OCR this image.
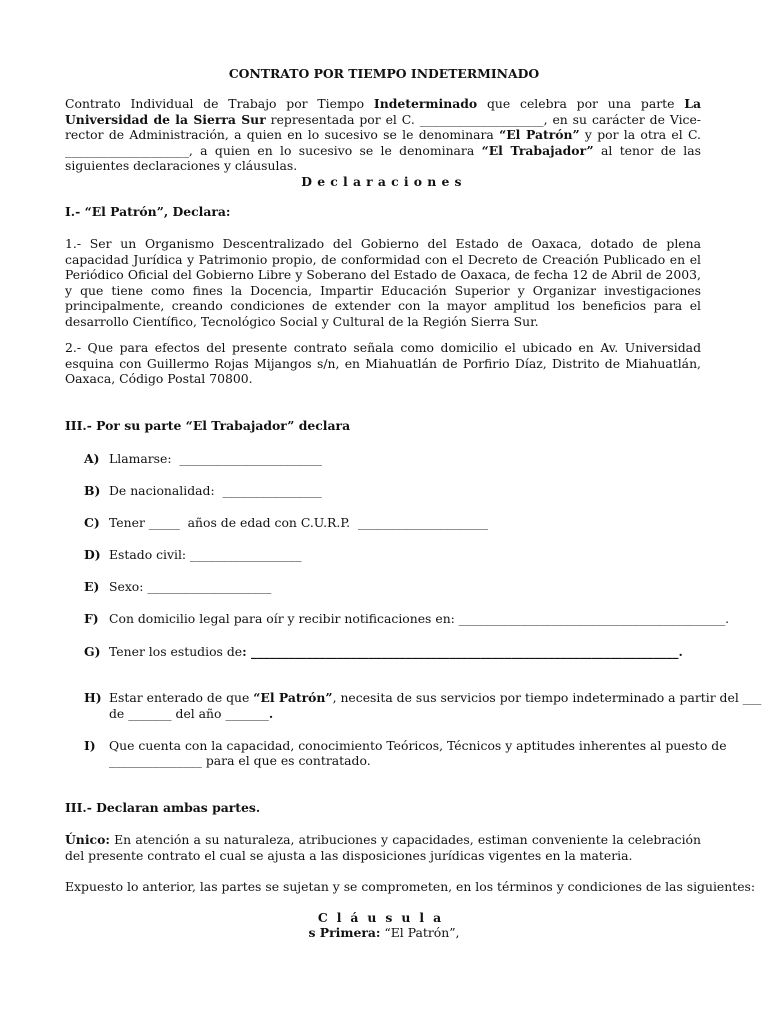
CONTRATO POR TIEMPO INDETERMINADO
Contrato Individual de Trabajo por Tiempo Indeterminado que celebra por una parte La Universidad de la Sierra Sur representada por el C. ____________________, en su carácter de Vice-rector de Administración, a quien en lo sucesivo se le denominara “El Patrón” y por la otra el C. ____________________, a quien en lo sucesivo se le denominara “El Trabajador” al tenor de las siguientes declaraciones y cláusulas.
Declaraciones
I.- “El Patrón”, Declara:
1.- Ser un Organismo Descentralizado del Gobierno del Estado de Oaxaca, dotado de plena capacidad Jurídica y Patrimonio propio, de conformidad con el Decreto de Creación Publicado en el Periódico Oficial del Gobierno Libre y Soberano del Estado de Oaxaca, de fecha 12 de Abril de 2003, y que tiene como fines la Docencia, Impartir Educación Superior y Organizar investigaciones principalmente, creando condiciones de extender con la mayor amplitud los beneficios para el desarrollo Científico, Tecnológico Social y Cultural de la Región Sierra Sur.
2.- Que para efectos del presente contrato señala como domicilio el ubicado en Av. Universidad esquina con Guillermo Rojas Mijangos s/n, en Miahuatlán de Porfirio Díaz, Distrito de Miahuatlán, Oaxaca, Código Postal 70800.
III.- Por su parte “El Trabajador” declara
A) Llamarse:  _______________________
B) De nacionalidad:  ________________
C) Tener _____  años de edad con C.U.R.P.  _____________________
D) Estado civil: __________________
E) Sexo: ____________________
F) Con domicilio legal para oír y recibir notificaciones en: ___________________________________________.
G) Tener los estudios de: _____________________________________________________________________.
H) Estar enterado de que “El Patrón”, necesita de sus servicios por tiempo indeterminado a partir del ___
de _______ del año _______.
I) Que cuenta con la capacidad, conocimiento Teóricos, Técnicos y aptitudes inherentes al puesto de
_______________ para el que es contratado.
III.- Declaran ambas partes.
Único: En atención a su naturaleza, atribuciones y capacidades, estiman conveniente la celebración del presente contrato el cual se ajusta a las disposiciones jurídicas vigentes en la materia.
Expuesto lo anterior, las partes se sujetan y se comprometen, en los términos y condiciones de las siguientes:
Cláusula
s Primera: “El Patrón”,
